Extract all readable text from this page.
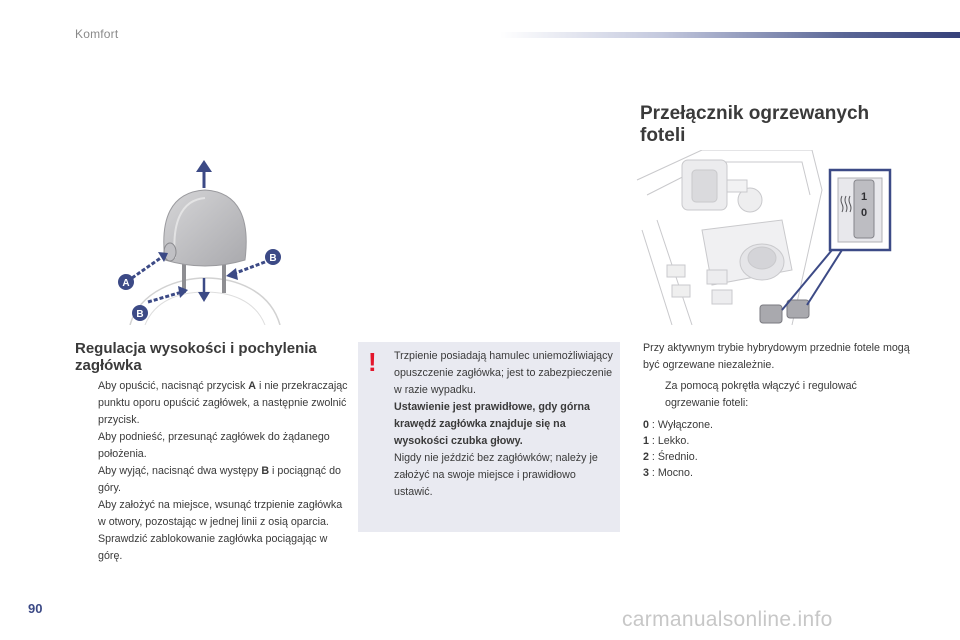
Komfort
A
B
B
1
0
Regulacja wysokości i pochylenia zagłówka
Aby opuścić, nacisnąć przycisk A i nie przekraczając punktu oporu opuścić zagłówek, a następnie zwolnić przycisk.
Aby podnieść, przesunąć zagłówek do żądanego położenia.
Aby wyjąć, nacisnąć dwa występy B i pociągnąć do góry.
Aby założyć na miejsce, wsunąć trzpienie zagłówka w otwory, pozostając w jednej linii z osią oparcia. Sprawdzić zablokowanie zagłówka pociągając w górę.
! Trzpienie posiadają hamulec uniemożliwiający opuszczenie zagłówka; jest to zabezpieczenie w razie wypadku.

Ustawienie jest prawidłowe, gdy górna krawędź zagłówka znajduje się na wysokości czubka głowy.

Nigdy nie jeździć bez zagłówków; należy je założyć na swoje miejsce i prawidłowo ustawić.

Przełącznik ogrzewanych foteli
Przy aktywnym trybie hybrydowym przednie fotele mogą być ogrzewane niezależnie.
Za pomocą pokrętła włączyć i regulować ogrzewanie foteli:
0 : Wyłączone.
1 : Lekko.
2 : Średnio.
3 : Mocno.
90	carmanualsonline.info
